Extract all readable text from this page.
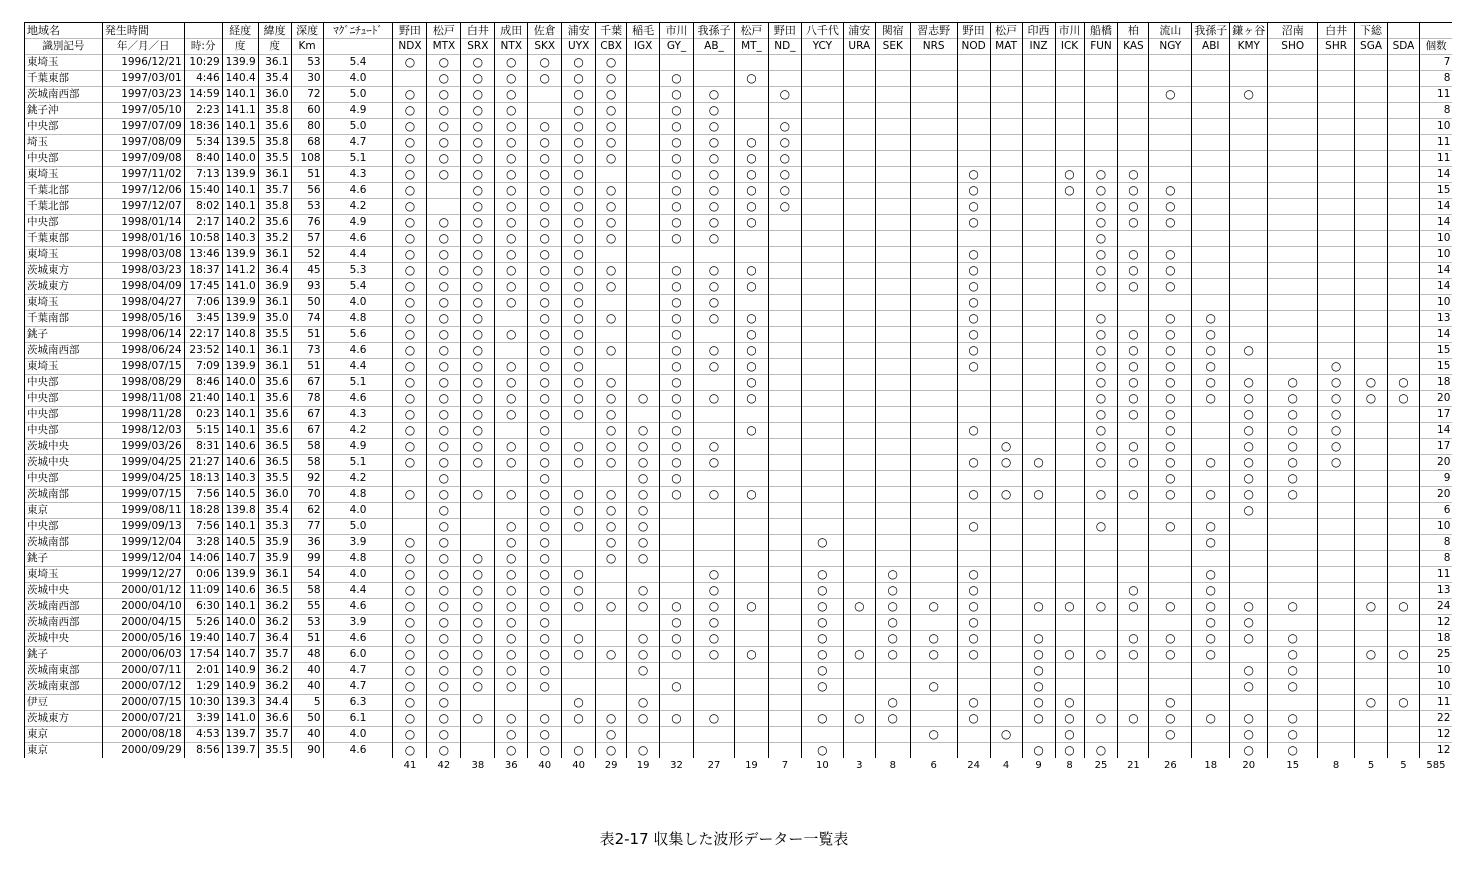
地域名	発生時間		経度	緯度	深度	ﾏｸﾞﾆﾁｭｰﾄﾞ	野田	松戸	白井	成田	佐倉	浦安	千葉	稲毛	市川	我孫子	松戸	野田	八千代	浦安	関宿	習志野	野田	松戸	印西	市川	船橋	柏	流山	我孫子	鎌ヶ谷	沼南	白井	下総		
識別記号	年／月／日	時:分	度	度	Km		NDX	MTX	SRX	NTX	SKX	UYX	CBX	IGX	GY_	AB_	MT_	ND_	YCY	URA	SEK	NRS	NOD	MAT	INZ	ICK	FUN	KAS	NGY	ABI	KMY	SHO	SHR	SGA	SDA	個数
東埼玉	1996/12/21	10:29	139.9	36.1	53	5.4	○	○	○	○	○	○	○																							7
千葉東部	1997/03/01	4:46	140.4	35.4	30	4.0		○	○	○	○	○	○		○		○																			8
茨城南西部	1997/03/23	14:59	140.1	36.0	72	5.0	○	○	○	○		○	○		○	○		○											○		○					11
銚子沖	1997/05/10	2:23	141.1	35.8	60	4.9	○	○	○	○		○	○		○	○																				8
中央部	1997/07/09	18:36	140.1	35.6	80	5.0	○	○	○	○	○	○	○		○	○		○																		10
埼玉	1997/08/09	5:34	139.5	35.8	68	4.7	○	○	○	○	○	○	○		○	○	○	○																		11
中央部	1997/09/08	8:40	140.0	35.5	108	5.1	○	○	○	○	○	○	○		○	○	○	○																		11
東埼玉	1997/11/02	7:13	139.9	36.1	51	4.3	○	○	○	○	○	○			○	○	○	○					○			○	○	○								14
千葉北部	1997/12/06	15:40	140.1	35.7	56	4.6	○		○	○	○	○	○		○	○	○	○					○			○	○	○	○							15
千葉北部	1997/12/07	8:02	140.1	35.8	53	4.2	○		○	○	○	○	○		○	○	○	○					○				○	○	○							14
中央部	1998/01/14	2:17	140.2	35.6	76	4.9	○	○	○	○	○	○	○		○	○	○						○				○	○	○							14
千葉東部	1998/01/16	10:58	140.3	35.2	57	4.6	○	○	○	○	○	○	○		○	○											○									10
東埼玉	1998/03/08	13:46	139.9	36.1	52	4.4	○	○	○	○	○	○											○				○	○	○							10
茨城東方	1998/03/23	18:37	141.2	36.4	45	5.3	○	○	○	○	○	○	○		○	○	○						○				○	○	○							14
茨城東方	1998/04/09	17:45	141.0	36.9	93	5.4	○	○	○	○	○	○	○		○	○	○						○				○	○	○							14
東埼玉	1998/04/27	7:06	139.9	36.1	50	4.0	○	○	○	○	○	○			○	○							○													10
千葉南部	1998/05/16	3:45	139.9	35.0	74	4.8	○	○	○		○	○	○		○	○	○						○				○		○	○						13
銚子	1998/06/14	22:17	140.8	35.5	51	5.6	○	○	○	○	○	○			○		○						○				○	○	○	○						14
茨城南西部	1998/06/24	23:52	140.1	36.1	73	4.6	○	○	○		○	○	○		○	○	○						○				○	○	○	○	○					15
東埼玉	1998/07/15	7:09	139.9	36.1	51	4.4	○	○	○	○	○	○			○	○	○						○				○	○	○	○			○			15
中央部	1998/08/29	8:46	140.0	35.6	67	5.1	○	○	○	○	○	○	○		○		○										○	○	○	○	○	○	○	○	○	18
中央部	1998/11/08	21:40	140.1	35.6	78	4.6	○	○	○	○	○	○	○	○	○	○	○										○	○	○	○	○	○	○	○	○	20
中央部	1998/11/28	0:23	140.1	35.6	67	4.3	○	○	○	○	○	○	○		○												○	○	○		○	○	○			17
中央部	1998/12/03	5:15	140.1	35.6	67	4.2	○	○	○		○		○	○	○		○						○				○		○		○	○	○			14
茨城中央	1999/03/26	8:31	140.6	36.5	58	4.9	○	○	○	○	○	○	○	○	○	○								○			○	○	○		○	○	○			17
茨城中央	1999/04/25	21:27	140.6	36.5	58	5.1	○	○	○	○	○	○	○	○	○	○							○	○	○		○	○	○	○	○	○	○			20
中央部	1999/04/25	18:13	140.3	35.5	92	4.2		○			○			○	○														○		○	○				9
茨城南部	1999/07/15	7:56	140.5	36.0	70	4.8	○	○	○	○	○	○	○	○	○	○	○						○	○	○		○	○	○	○	○	○				20
東京	1999/08/11	18:28	139.8	35.4	62	4.0		○			○	○	○	○																	○					6
中央部	1999/09/13	7:56	140.1	35.3	77	5.0		○		○	○	○	○	○									○				○		○	○						10
茨城南部	1999/12/04	3:28	140.5	35.9	36	3.9	○	○		○	○		○	○					○											○						8
銚子	1999/12/04	14:06	140.7	35.9	99	4.8	○	○	○	○	○		○	○																						8
東埼玉	1999/12/27	0:06	139.9	36.1	54	4.0	○	○	○	○	○	○				○			○		○		○							○						11
茨城中央	2000/01/12	11:09	140.6	36.5	58	4.4	○	○	○	○	○	○		○		○			○		○		○					○		○						13
茨城南西部	2000/04/10	6:30	140.1	36.2	55	4.6	○	○	○	○	○	○	○	○	○	○	○		○	○	○	○	○		○	○	○	○	○	○	○	○		○	○	24
茨城南西部	2000/04/15	5:26	140.0	36.2	53	3.9	○	○	○	○	○				○	○			○		○		○							○	○					12
茨城中央	2000/05/16	19:40	140.7	36.4	51	4.6	○	○	○	○	○	○		○	○	○			○		○	○	○		○			○	○	○	○	○				18
銚子	2000/06/03	17:54	140.7	35.7	48	6.0	○	○	○	○	○	○	○	○	○	○	○		○	○	○	○	○		○	○	○	○	○	○		○		○	○	25
茨城南東部	2000/07/11	2:01	140.9	36.2	40	4.7	○	○	○	○	○			○					○						○						○	○				10
茨城南東部	2000/07/12	1:29	140.9	36.2	40	4.7	○	○	○	○	○				○				○			○			○						○	○				10
伊豆	2000/07/15	10:30	139.3	34.4	5	6.3	○	○				○		○							○		○		○	○			○					○	○	11
茨城東方	2000/07/21	3:39	141.0	36.6	50	6.1	○	○	○	○	○	○	○	○	○	○			○	○	○		○		○	○	○	○	○	○	○	○				22
東京	2000/08/18	4:53	139.7	35.7	40	4.0	○	○		○	○		○									○		○		○			○		○	○				12
東京	2000/09/29	8:56	139.7	35.5	90	4.6	○	○		○	○	○	○	○					○						○	○	○				○	○				12
							41	42	38	36	40	40	29	19	32	27	19	7	10	3	8	6	24	4	9	8	25	21	26	18	20	15	8	5	5	585
表2-17 収集した波形データー一覧表
